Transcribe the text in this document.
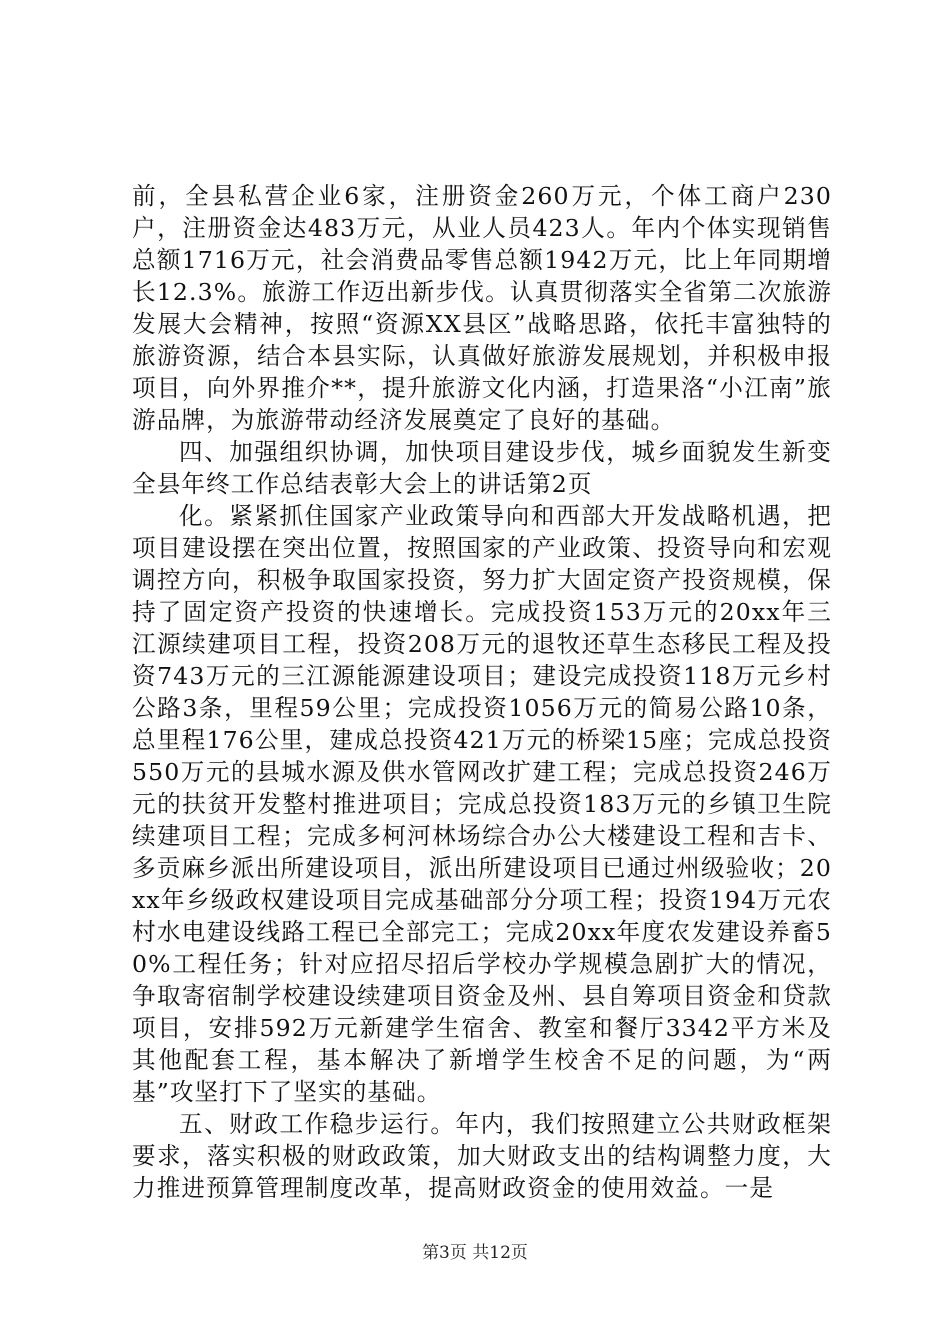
前，全县私营企业6家，注册资金260万元，个体工商户230户，注册资金达483万元，从业人员423人。年内个体实现销售总额1716万元，社会消费品零售总额1942万元，比上年同期增长12.3%。旅游工作迈出新步伐。认真贯彻落实全省第二次旅游发展大会精神，按照“资源XX县区”战略思路，依托丰富独特的旅游资源，结合本县实际，认真做好旅游发展规划，并积极申报项目，向外界推介**，提升旅游文化内涵，打造果洛“小江南”旅游品牌，为旅游带动经济发展奠定了良好的基础。

四、加强组织协调，加快项目建设步伐，城乡面貌发生新变全县年终工作总结表彰大会上的讲话第2页

化。紧紧抓住国家产业政策导向和西部大开发战略机遇，把项目建设摆在突出位置，按照国家的产业政策、投资导向和宏观调控方向，积极争取国家投资，努力扩大固定资产投资规模，保持了固定资产投资的快速增长。完成投资153万元的20xx年三江源续建项目工程，投资208万元的退牧还草生态移民工程及投资743万元的三江源能源建设项目；建设完成投资118万元乡村公路3条，里程59公里；完成投资1056万元的简易公路10条，总里程176公里，建成总投资421万元的桥梁15座；完成总投资550万元的县城水源及供水管网改扩建工程；完成总投资246万元的扶贫开发整村推进项目；完成总投资183万元的乡镇卫生院续建项目工程；完成多柯河林场综合办公大楼建设工程和吉卡、多贡麻乡派出所建设项目，派出所建设项目已通过州级验收；20xx年乡级政权建设项目完成基础部分分项工程；投资194万元农村水电建设线路工程已全部完工；完成20xx年度农发建设养畜50%工程任务；针对应招尽招后学校办学规模急剧扩大的情况，争取寄宿制学校建设续建项目资金及州、县自筹项目资金和贷款项目，安排592万元新建学生宿舍、教室和餐厅3342平方米及其他配套工程，基本解决了新增学生校舍不足的问题，为“两基”攻坚打下了坚实的基础。

五、财政工作稳步运行。年内，我们按照建立公共财政框架要求，落实积极的财政政策，加大财政支出的结构调整力度，大力推进预算管理制度改革，提高财政资金的使用效益。一是

第3页 共12页
